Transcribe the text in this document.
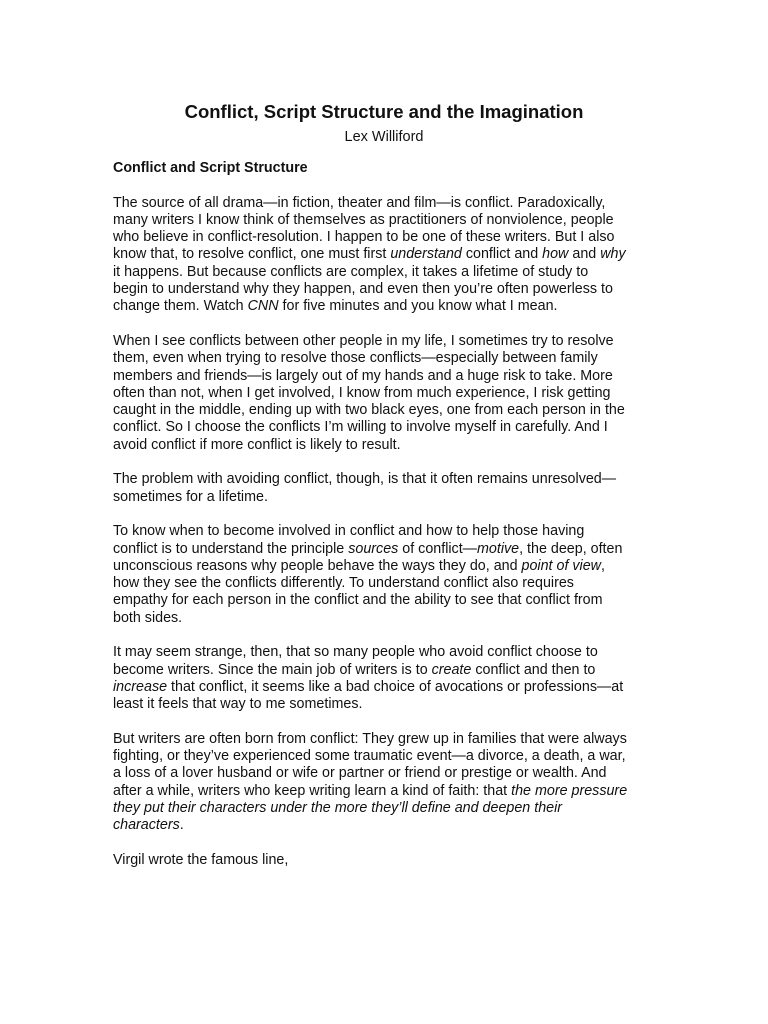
Conflict, Script Structure and the Imagination
Lex Williford
Conflict and Script Structure
The source of all drama—in fiction, theater and film—is conflict. Paradoxically,
many writers I know think of themselves as practitioners of nonviolence, people
who believe in conflict-resolution. I happen to be one of these writers. But I also
know that, to resolve conflict, one must first understand conflict and how and why
it happens. But because conflicts are complex, it takes a lifetime of study to
begin to understand why they happen, and even then you’re often powerless to
change them. Watch CNN for five minutes and you know what I mean.
When I see conflicts between other people in my life, I sometimes try to resolve
them, even when trying to resolve those conflicts—especially between family
members and friends—is largely out of my hands and a huge risk to take. More
often than not, when I get involved, I know from much experience, I risk getting
caught in the middle, ending up with two black eyes, one from each person in the
conflict. So I choose the conflicts I’m willing to involve myself in carefully. And I
avoid conflict if more conflict is likely to result.
The problem with avoiding conflict, though, is that it often remains unresolved—
sometimes for a lifetime.
To know when to become involved in conflict and how to help those having
conflict is to understand the principle sources of conflict—motive, the deep, often
unconscious reasons why people behave the ways they do, and point of view,
how they see the conflicts differently. To understand conflict also requires
empathy for each person in the conflict and the ability to see that conflict from
both sides.
It may seem strange, then, that so many people who avoid conflict choose to
become writers. Since the main job of writers is to create conflict and then to
increase that conflict, it seems like a bad choice of avocations or professions—at
least it feels that way to me sometimes.
But writers are often born from conflict: They grew up in families that were always
fighting, or they’ve experienced some traumatic event—a divorce, a death, a war,
a loss of a lover husband or wife or partner or friend or prestige or wealth. And
after a while, writers who keep writing learn a kind of faith: that the more pressure
they put their characters under the more they’ll define and deepen their
characters.
Virgil wrote the famous line,
